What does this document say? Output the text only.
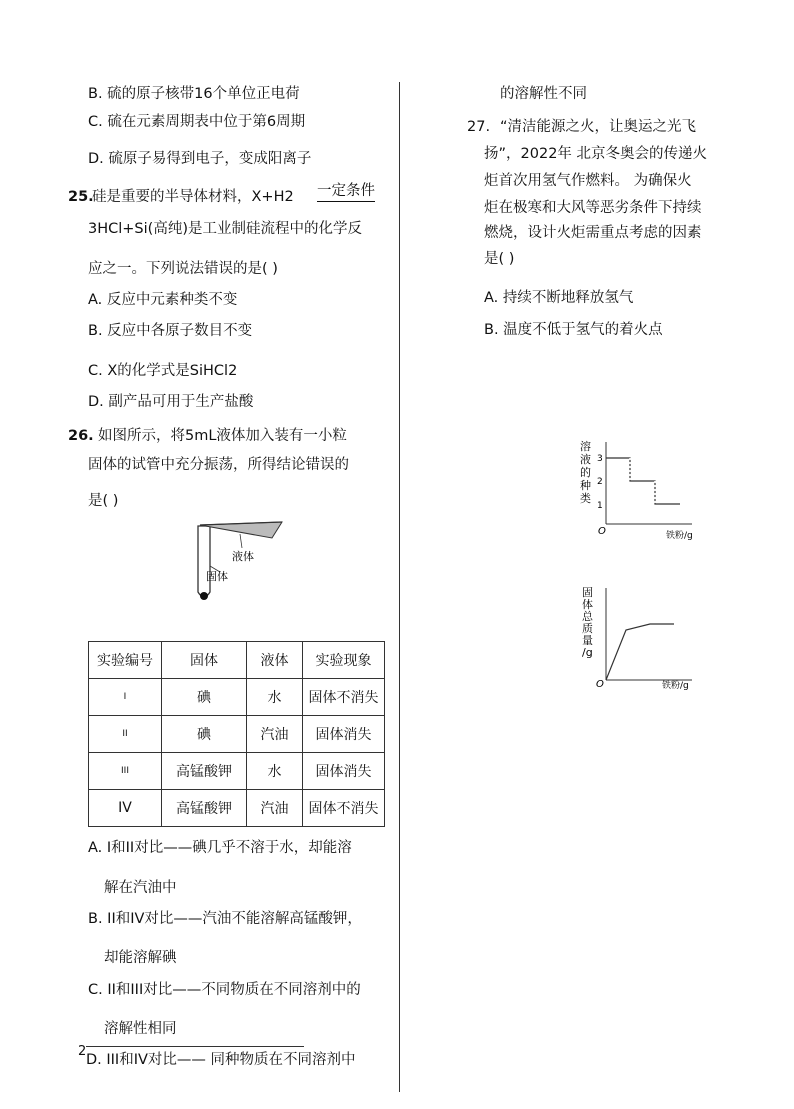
B. 硫的原子核带16个单位正电荷
C. 硫在元素周期表中位于第6周期
D. 硫原子易得到电子，变成阳离子
25.
硅是重要的半导体材料，X+H2 一定条件
3HCl+Si(高纯)是工业制硅流程中的化学反
应之一。下列说法错误的是( )
A. 反应中元素种类不变
B. 反应中各原子数目不变
C. X的化学式是SiHCl2
D. 副产品可用于生产盐酸
26. 如图所示，将5mL液体加入装有一小粒
固体的试管中充分振荡，所得结论错误的
是( )
液体
固体
实验编号	固体	液体	实验现象
I	碘	水	固体不消失
II	碘	汽油	固体消失
III	高锰酸钾	水	固体消失
IV	高锰酸钾	汽油	固体不消失
A. I和II对比——碘几乎不溶于水，却能溶
解在汽油中
B. II和IV对比——汽油不能溶解高锰酸钾，
却能溶解碘
C. II和III对比——不同物质在不同溶剂中的
溶解性相同
2
D. III和IV对比—— 同种物质在不同溶剂中
的溶解性不同
27. “清洁能源之火，让奥运之光飞
扬”，2022年 北京冬奥会的传递火
炬首次用氢气作燃料。 为确保火
炬在极寒和大风等恶劣条件下持续
燃烧，设计火炬需重点考虑的因素
是( )
A. 持续不断地释放氢气
B. 温度不低于氢气的着火点
溶
液
的
种
类
3
2
1
O	铁粉/g
固
体
总
质
量
/g
O	铁粉/g
